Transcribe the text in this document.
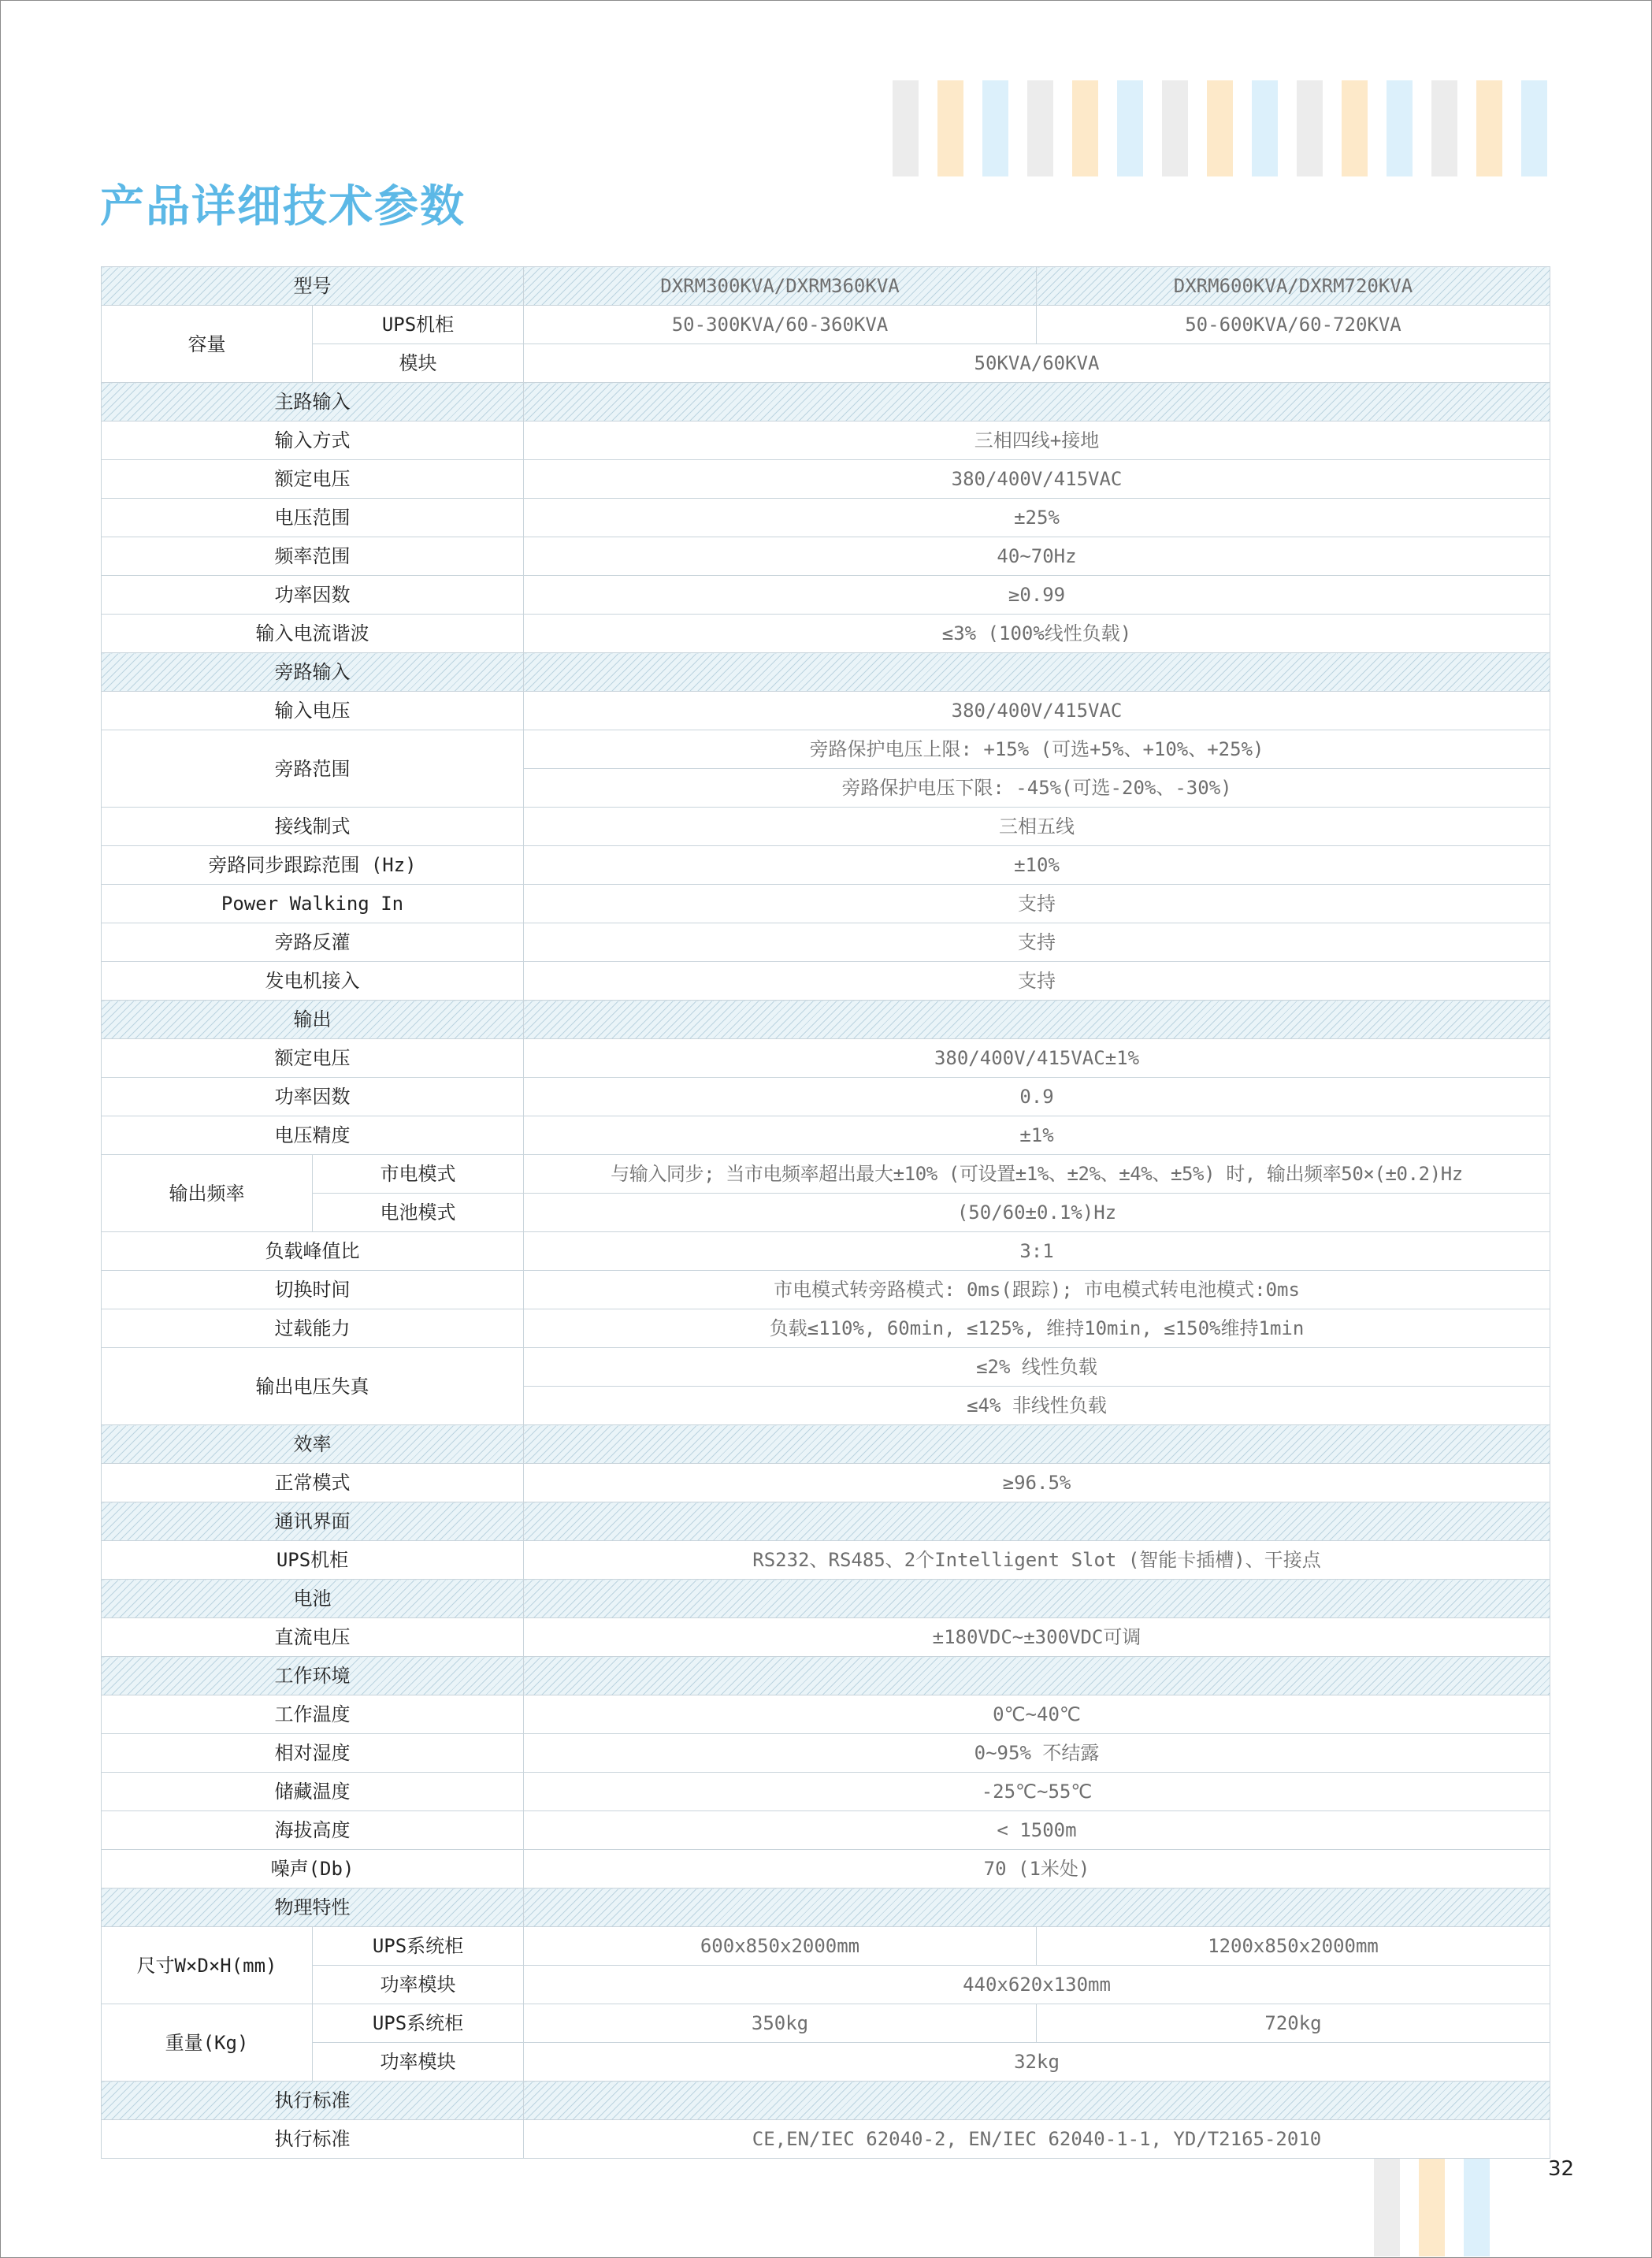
产品详细技术参数
型号		DXRM300KVA/DXRM360KVA	DXRM600KVA/DXRM720KVA
容量	UPS机柜	50-300KVA/60-360KVA	50-600KVA/60-720KVA
	模块	50KVA/60KVA	
主路输入			
输入方式		三相四线+接地	
额定电压		380/400V/415VAC	
电压范围		±25%	
频率范围		40~70Hz	
功率因数		≥0.99	
输入电流谐波		≤3% (100%线性负载)	
旁路输入			
输入电压		380/400V/415VAC	
旁路范围		旁路保护电压上限: +15% (可选+5%、+10%、+25%)	
		旁路保护电压下限: -45%(可选-20%、-30%)	
接线制式		三相五线	
旁路同步跟踪范围 (Hz)		±10%	
Power Walking In		支持	
旁路反灌		支持	
发电机接入		支持	
输出			
额定电压		380/400V/415VAC±1%	
功率因数		0.9	
电压精度		±1%	
输出频率	市电模式	与输入同步; 当市电频率超出最大±10% (可设置±1%、±2%、±4%、±5%) 时, 输出频率50×(±0.2)Hz	
	电池模式	(50/60±0.1%)Hz	
负载峰值比		3:1	
切换时间		市电模式转旁路模式: 0ms(跟踪); 市电模式转电池模式:0ms	
过载能力		负载≤110%, 60min, ≤125%, 维持10min, ≤150%维持1min	
输出电压失真		≤2% 线性负载	
		≤4% 非线性负载	
效率			
正常模式		≥96.5%	
通讯界面			
UPS机柜		RS232、RS485、2个Intelligent Slot (智能卡插槽)、干接点	
电池			
直流电压		±180VDC~±300VDC可调	
工作环境			
工作温度		0℃~40℃	
相对湿度		0~95% 不结露	
储藏温度		-25℃~55℃	
海拔高度		< 1500m	
噪声(Db)		70 (1米处)	
物理特性			
尺寸W×D×H(mm)	UPS系统柜	600x850x2000mm	1200x850x2000mm
	功率模块	440x620x130mm	
重量(Kg)	UPS系统柜	350kg	720kg
	功率模块	32kg	
执行标准			
执行标准		CE,EN/IEC 62040-2, EN/IEC 62040-1-1, YD/T2165-2010	
32
